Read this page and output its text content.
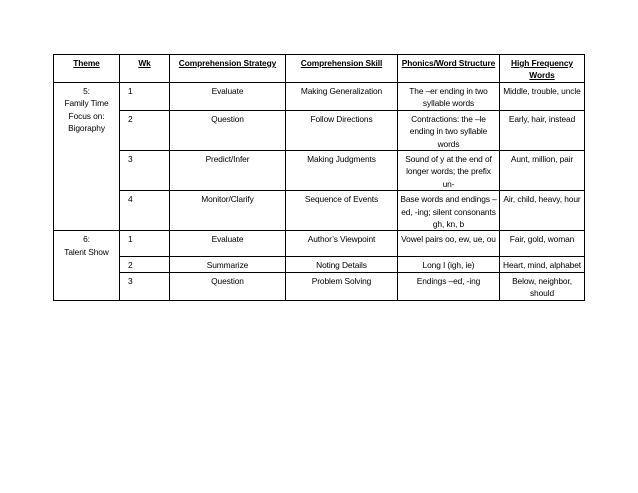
Theme	Wk	Comprehension Strategy	Comprehension Skill	Phonics/Word Structure	High Frequency Words
5:
Family Time
Focus on:
Bigoraphy	1	Evaluate	Making Generalization	The –er ending in two syllable words	Middle, trouble, uncle
	2	Question	Follow Directions	Contractions: the –le ending in two syllable words	Early, hair, instead
	3	Predict/Infer	Making Judgments	Sound of y at the end of longer words; the prefix un-	Aunt, million, pair
	4	Monitor/Clarify	Sequence of Events	Base words and endings –ed, -ing; silent consonants gh, kn, b	Air, child, heavy, hour
6:
Talent Show	1	Evaluate	Author’s Viewpoint	Vowel pairs oo, ew, ue, ou	Fair, gold, woman
	2	Summarize	Noting Details	Long I (igh, ie)	Heart, mind, alphabet
	3	Question	Problem Solving	Endings –ed, -ing	Below, neighbor, should
